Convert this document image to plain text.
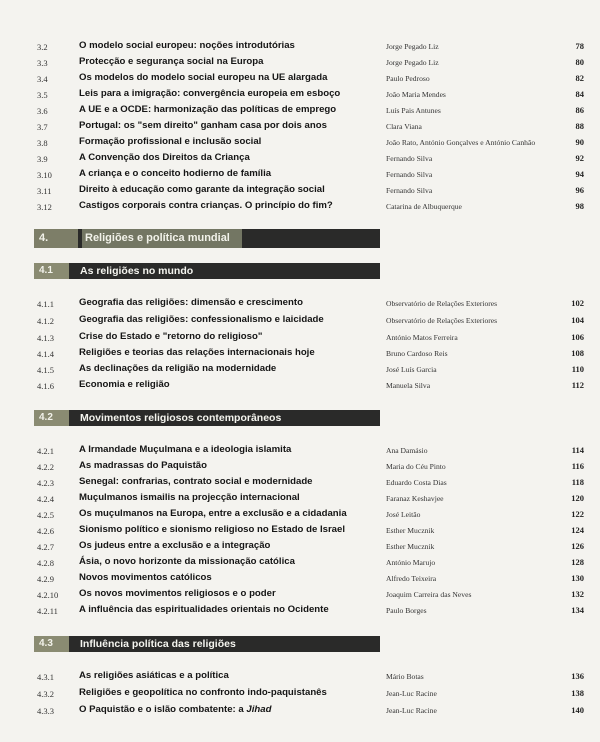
3.2	O modelo social europeu: noções introdutórias	Jorge Pegado Liz	78
3.3	Protecção e segurança social na Europa	Jorge Pegado Liz	80
3.4	Os modelos do modelo social europeu na UE alargada	Paulo Pedroso	82
3.5	Leis para a imigração: convergência europeia em esboço	João Maria Mendes	84
3.6	A UE e a OCDE: harmonização das políticas de emprego	Luís Pais Antunes	86
3.7	Portugal: os "sem direito" ganham casa por dois anos	Clara Viana	88
3.8	Formação profissional e inclusão social	João Rato, António Gonçalves e António Canhão	90
3.9	A Convenção dos Direitos da Criança	Fernando Silva	92
3.10	A criança e o conceito hodierno de família	Fernando Silva	94
3.11	Direito à educação como garante da integração social	Fernando Silva	96
3.12	Castigos corporais contra crianças. O princípio do fim?	Catarina de Albuquerque	98
4.	Religiões e política mundial
4.1	As religiões no mundo
4.1.1	Geografia das religiões: dimensão e crescimento	Observatório de Relações Exteriores	102
4.1.2	Geografia das religiões: confessionalismo e laicidade	Observatório de Relações Exteriores	104
4.1.3	Crise do Estado e "retorno do religioso"	António Matos Ferreira	106
4.1.4	Religiões e teorias das relações internacionais hoje	Bruno Cardoso Reis	108
4.1.5	As declinações da religião na modernidade	José Luís Garcia	110
4.1.6	Economia e religião	Manuela Silva	112
4.2	Movimentos religiosos contemporâneos
4.2.1	A Irmandade Muçulmana e a ideologia islamita	Ana Damásio	114
4.2.2	As madrassas do Paquistão	Maria do Céu Pinto	116
4.2.3	Senegal: confrarias, contrato social e modernidade	Eduardo Costa Dias	118
4.2.4	Muçulmanos ismailis na projecção internacional	Faranaz Keshavjee	120
4.2.5	Os muçulmanos na Europa, entre a exclusão e a cidadania	José Leitão	122
4.2.6	Sionismo político e sionismo religioso no Estado de Israel	Esther Mucznik	124
4.2.7	Os judeus entre a exclusão e a integração	Esther Mucznik	126
4.2.8	Ásia, o novo horizonte da missionação católica	António Marujo	128
4.2.9	Novos movimentos católicos	Alfredo Teixeira	130
4.2.10 Os novos movimentos religiosos e o poder	Joaquim Carreira das Neves	132
4.2.11 A influência das espiritualidades orientais no Ocidente	Paulo Borges	134
4.3	Influência política das religiões
4.3.1	As religiões asiáticas e a política	Mário Botas	136
4.3.2	Religiões e geopolítica no confronto indo-paquistanês	Jean-Luc Racine	138
4.3.3	O Paquistão e o islão combatente: a Jihad	Jean-Luc Racine	140
